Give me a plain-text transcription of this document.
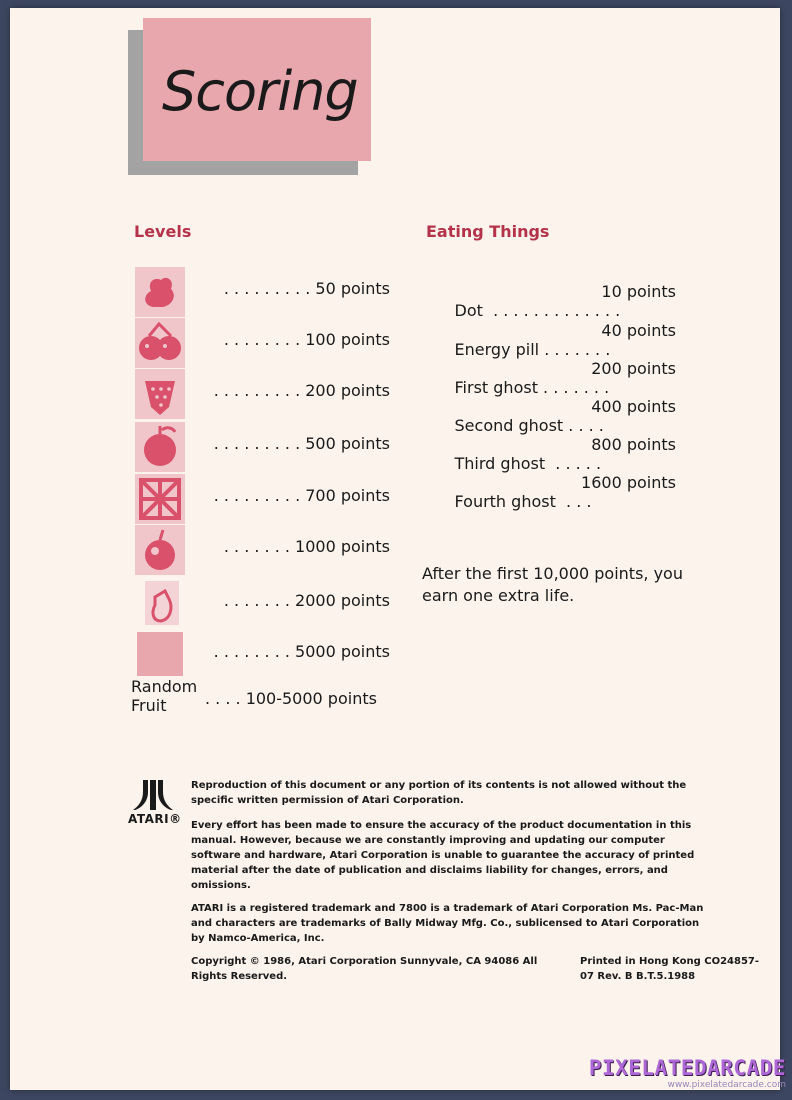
Scoring
Levels	Eating Things
. . . . . . . . . 50 points
. . . . . . . . 100 points
. . . . . . . . . 200 points
. . . . . . . . . 500 points
. . . . . . . . . 700 points
. . . . . . . 1000 points
. . . . . . . 2000 points
. . . . . . . . 5000 points

Random Fruit	. . . . 100-5000 points

Dot  . . . . . . . . . . . . .

10 points

Energy pill . . . . . . .

40 points

First ghost . . . . . . .

200 points

Second ghost . . . .

400 points

Third ghost  . . . . .

800 points

Fourth ghost  . . .

1600 points

After the first 10,000 points, you earn one extra life.

ATARI®

Reproduction of this document or any portion of its contents is not allowed without the specific written permission of Atari Corporation.

Every effort has been made to ensure the accuracy of the product documentation in this manual. However, because we are constantly improving and updating our computer software and hardware, Atari Corporation is unable to guarantee the accuracy of printed material after the date of publication and disclaims liability for changes, errors, and omissions.

ATARI is a registered trademark and 7800 is a trademark of Atari Corporation Ms. Pac-Man and characters are trademarks of Bally Midway Mfg. Co., sublicensed to Atari Corporation by Namco-America, Inc.

Copyright © 1986, Atari Corporation Sunnyvale, CA 94086 All Rights Reserved.

Printed in Hong Kong CO24857-07 Rev. B B.T.5.1988

PIXELATEDARCADE
www.pixelatedarcade.com
